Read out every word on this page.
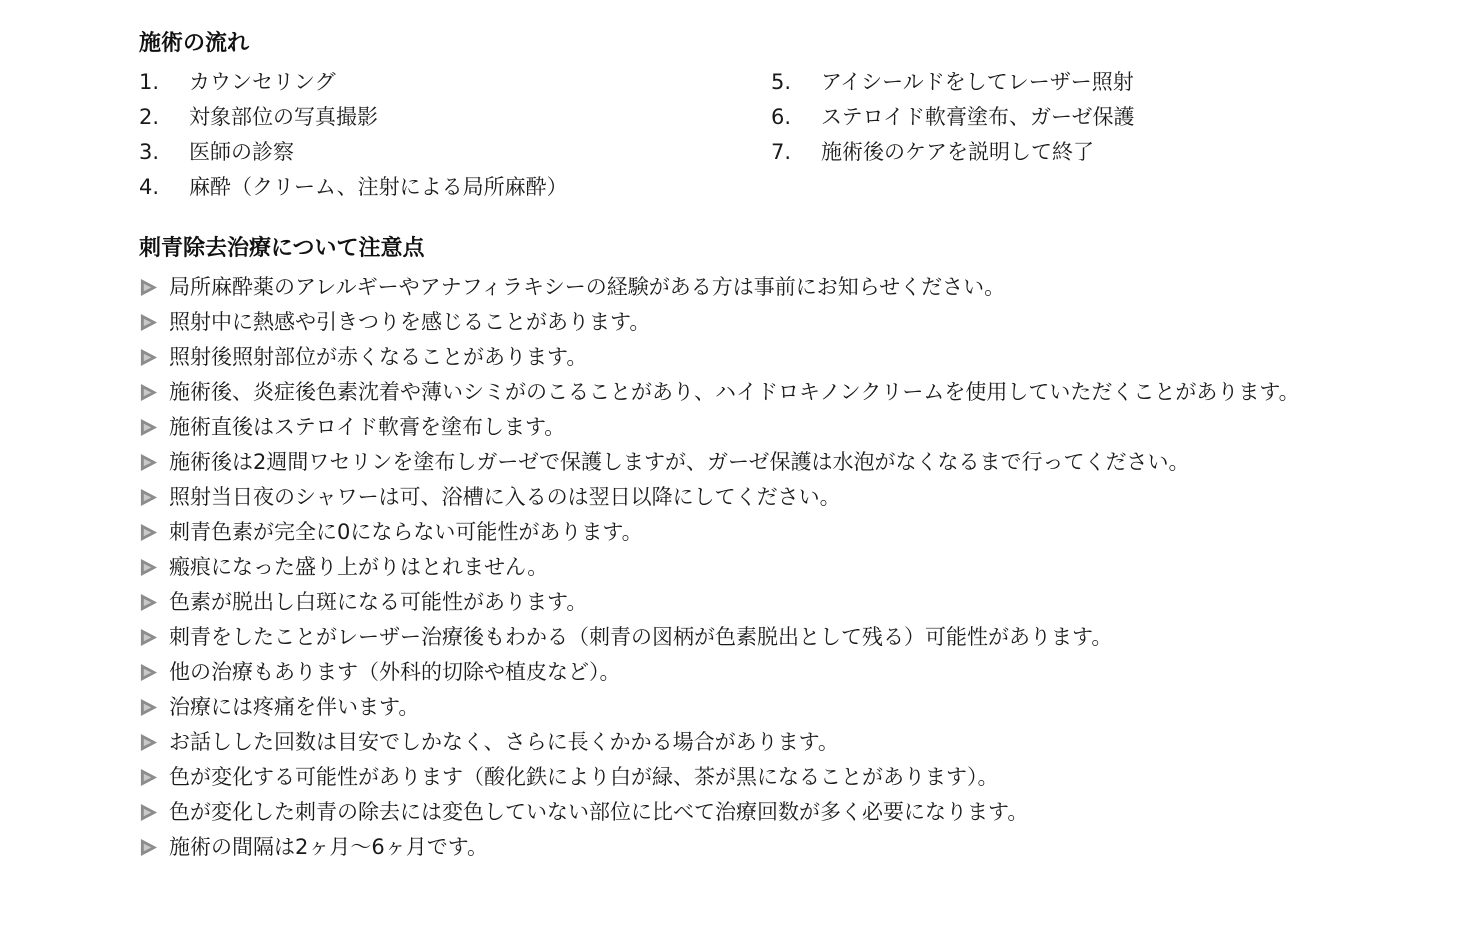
施術の流れ
1. カウンセリング
2. 対象部位の写真撮影
3. 医師の診察
4. 麻酔（クリーム、注射による局所麻酔）
5. アイシールドをしてレーザー照射
6. ステロイド軟膏塗布、ガーゼ保護
7. 施術後のケアを説明して終了
刺青除去治療について注意点
局所麻酔薬のアレルギーやアナフィラキシーの経験がある方は事前にお知らせください。
照射中に熱感や引きつりを感じることがあります。
照射後照射部位が赤くなることがあります。
施術後、炎症後色素沈着や薄いシミがのこることがあり、ハイドロキノンクリームを使用していただくことがあります。
施術直後はステロイド軟膏を塗布します。
施術後は2週間ワセリンを塗布しガーゼで保護しますが、ガーゼ保護は水泡がなくなるまで行ってください。
照射当日夜のシャワーは可、浴槽に入るのは翌日以降にしてください。
刺青色素が完全に0にならない可能性があります。
瘢痕になった盛り上がりはとれません。
色素が脱出し白斑になる可能性があります。
刺青をしたことがレーザー治療後もわかる（刺青の図柄が色素脱出として残る）可能性があります。
他の治療もあります（外科的切除や植皮など）。
治療には疼痛を伴います。
お話しした回数は目安でしかなく、さらに長くかかる場合があります。
色が変化する可能性があります（酸化鉄により白が緑、茶が黒になることがあります）。
色が変化した刺青の除去には変色していない部位に比べて治療回数が多く必要になります。
施術の間隔は2ヶ月〜6ヶ月です。
